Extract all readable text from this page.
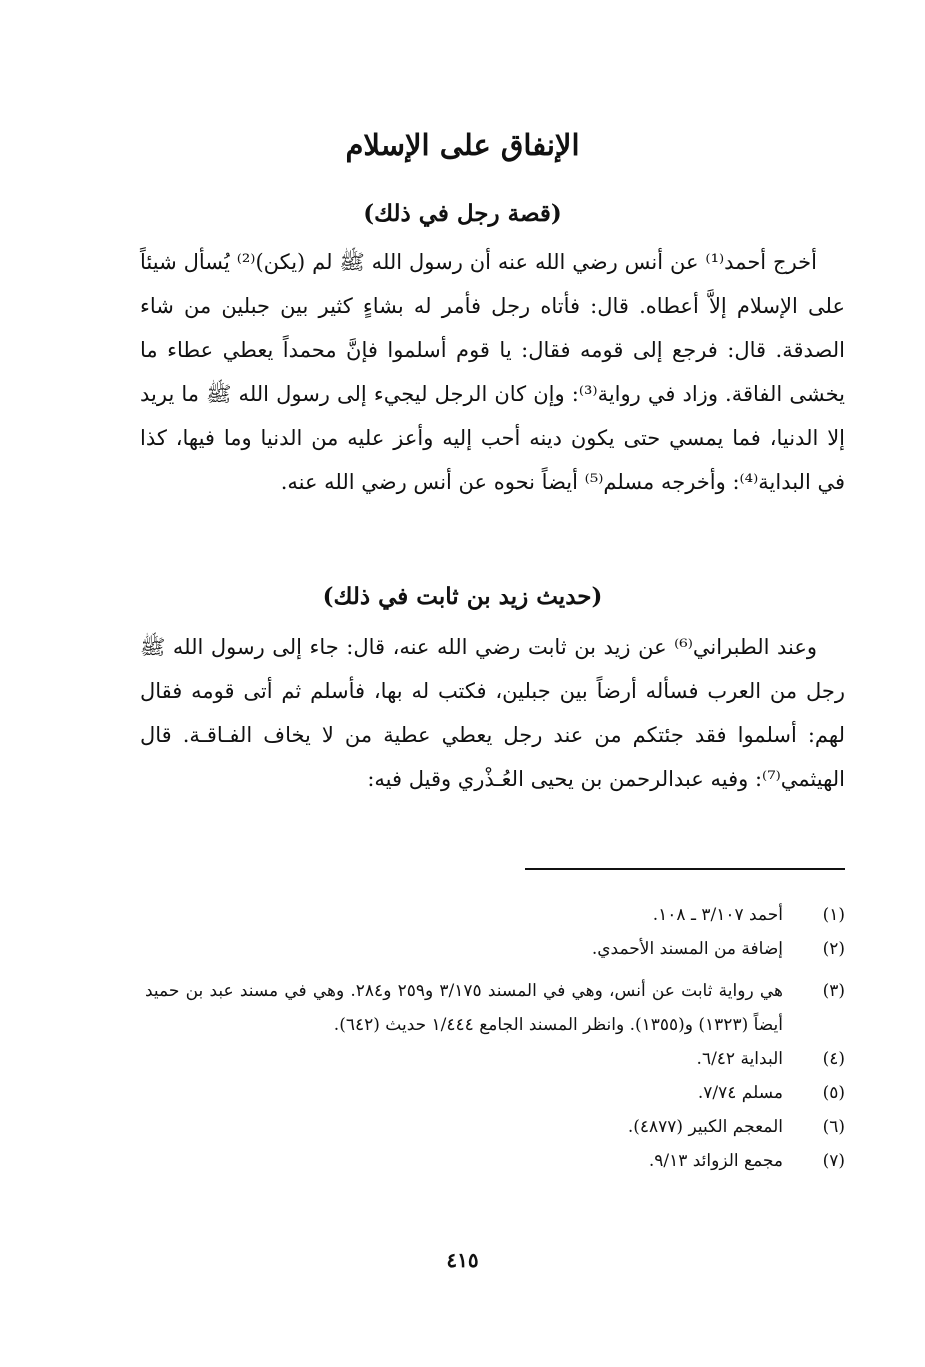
الإنفاق على الإسلام
(قصة رجل في ذلك)
أخرج أحمد⁽¹⁾ عن أنس رضي الله عنه أن رسول الله ﷺ لم (يكن)⁽²⁾ يُسأل شيئاً على الإسلام إلاَّ أعطاه. قال: فأتاه رجل فأمر له بشاءٍ كثير بين جبلين من شاء الصدقة. قال: فرجع إلى قومه فقال: يا قوم أسلموا فإنَّ محمداً يعطي عطاء ما يخشى الفاقة. وزاد في رواية⁽³⁾: وإن كان الرجل ليجيء إلى رسول الله ﷺ ما يريد إلا الدنيا، فما يمسي حتى يكون دينه أحب إليه وأعز عليه من الدنيا وما فيها، كذا في البداية⁽⁴⁾: وأخرجه مسلم⁽⁵⁾ أيضاً نحوه عن أنس رضي الله عنه.
(حديث زيد بن ثابت في ذلك)
وعند الطبراني⁽⁶⁾ عن زيد بن ثابت رضي الله عنه، قال: جاء إلى رسول الله ﷺ رجل من العرب فسأله أرضاً بين جبلين، فكتب له بها، فأسلم ثم أتى قومه فقال لهم: أسلموا فقد جئتكم من عند رجل يعطي عطية من لا يخاف الفـاقـة. قال الهيثمي⁽⁷⁾: وفيه عبدالرحمن بن يحيى العُـذْري وقيل فيه:
(١)
أحمد ٣/١٠٧ ـ ١٠٨.
(٢)
إضافة من المسند الأحمدي.
(٣)
هي رواية ثابت عن أنس، وهي في المسند ٣/١٧٥ و٢٥٩ و٢٨٤. وهي في مسند عبد بن حميد أيضاً (١٣٢٣) و(١٣٥٥). وانظر المسند الجامع ١/٤٤٤ حديث (٦٤٢).
(٤)
البداية ٦/٤٢.
(٥)
مسلم ٧/٧٤.
(٦)
المعجم الكبير (٤٨٧٧).
(٧)
مجمع الزوائد ٩/١٣.
٤١٥
